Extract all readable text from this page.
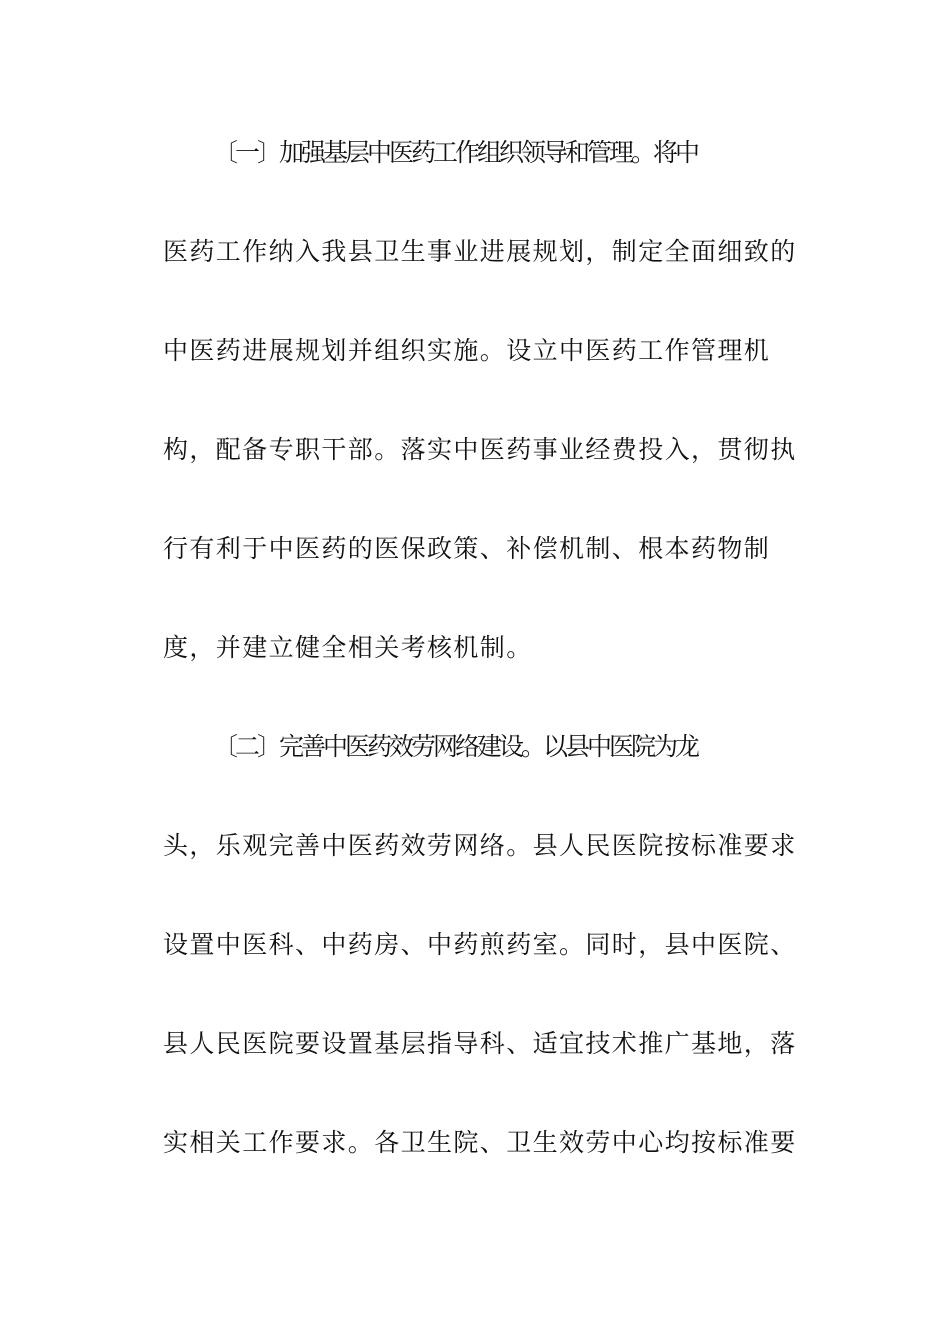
〔一〕加强基层中医药工作组织领导和管理。将中
医药工作纳入我县卫生事业进展规划，制定全面细致的
中医药进展规划并组织实施。设立中医药工作管理机
构，配备专职干部。落实中医药事业经费投入，贯彻执
行有利于中医药的医保政策、补偿机制、根本药物制
度，并建立健全相关考核机制。
〔二〕完善中医药效劳网络建设。以县中医院为龙
头，乐观完善中医药效劳网络。县人民医院按标准要求
设置中医科、中药房、中药煎药室。同时，县中医院、
县人民医院要设置基层指导科、适宜技术推广基地，落
实相关工作要求。各卫生院、卫生效劳中心均按标准要
